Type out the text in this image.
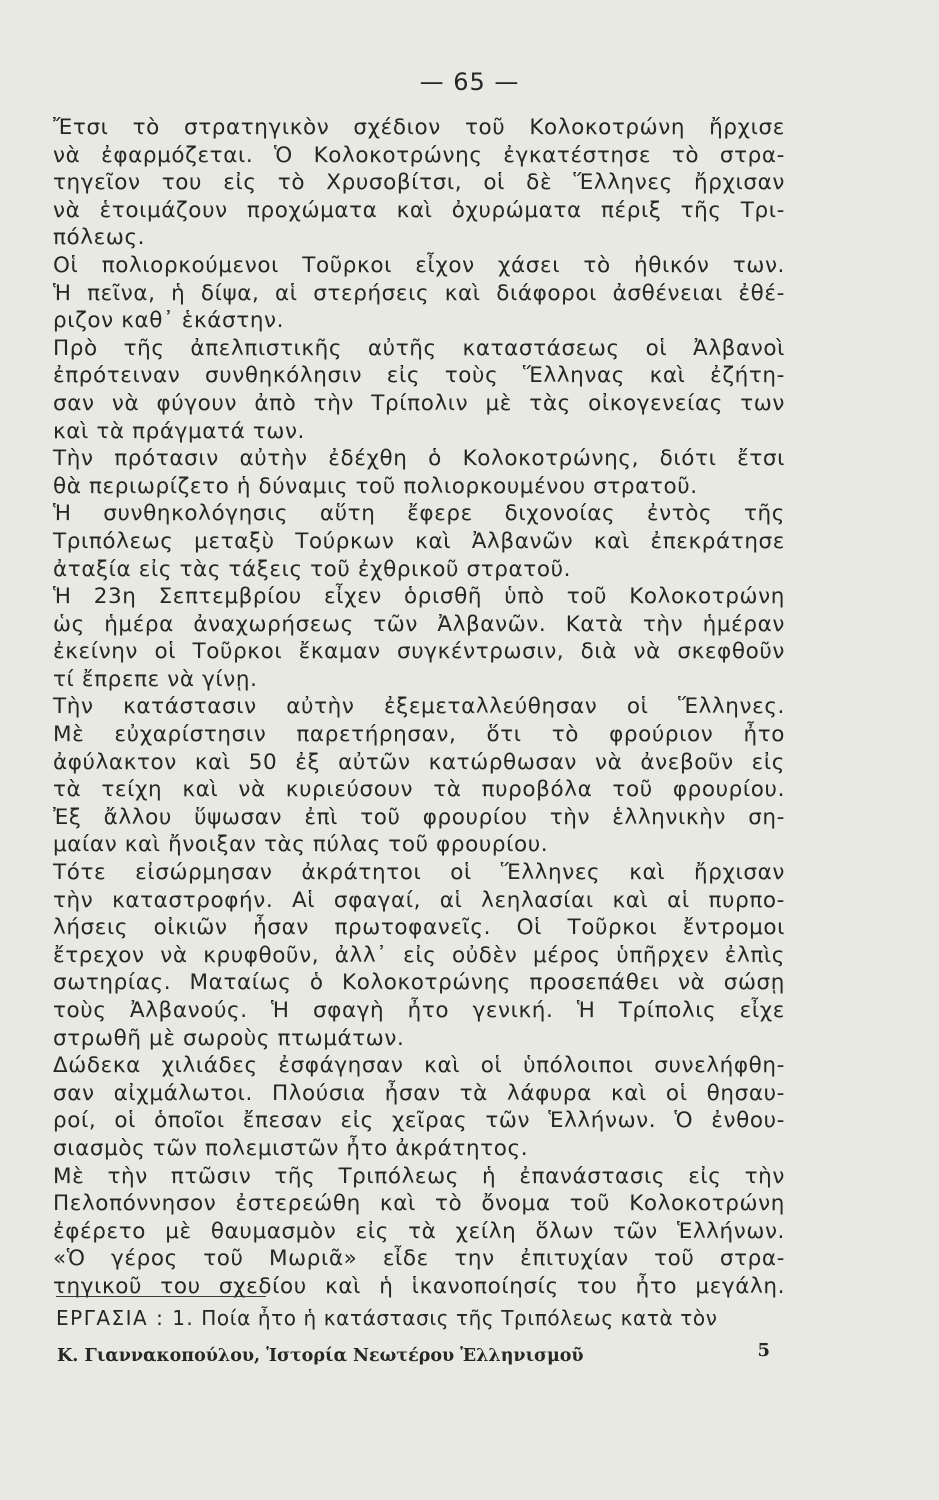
— 65 —
Ἔτσι τὸ στρατηγικὸν σχέδιον τοῦ Κολοκοτρώνη ἤρχισε
νὰ ἐφαρμόζεται. Ὁ Κολοκοτρώνης ἐγκατέστησε τὸ στρα-
τηγεῖον του εἰς τὸ Χρυσοβίτσι, οἱ δὲ Ἕλληνες ἤρχισαν
νὰ ἑτοιμάζουν προχώματα καὶ ὀχυρώματα πέριξ τῆς Τρι-
πόλεως.
Οἱ πολιορκούμενοι Τοῦρκοι εἶχον χάσει τὸ ἠθικόν των.
Ἡ πεῖνα, ἡ δίψα, αἱ στερήσεις καὶ διάφοροι ἀσθένειαι ἐθέ-
ριζον καθ᾽ ἑκάστην.
Πρὸ τῆς ἀπελπιστικῆς αὐτῆς καταστάσεως οἱ Ἀλβανοὶ
ἐπρότειναν συνθηκόλησιν εἰς τοὺς Ἕλληνας καὶ ἐζήτη-
σαν νὰ φύγουν ἀπὸ τὴν Τρίπολιν μὲ τὰς οἰκογενείας των
καὶ τὰ πράγματά των.
Τὴν πρότασιν αὐτὴν ἐδέχθη ὁ Κολοκοτρώνης, διότι ἔτσι
θὰ περιωρίζετο ἡ δύναμις τοῦ πολιορκουμένου στρατοῦ.
Ἡ συνθηκολόγησις αὕτη ἔφερε διχονοίας ἐντὸς τῆς
Τριπόλεως μεταξὺ Τούρκων καὶ Ἀλβανῶν καὶ ἐπεκράτησε
ἀταξία εἰς τὰς τάξεις τοῦ ἐχθρικοῦ στρατοῦ.
Ἡ 23η Σεπτεμβρίου εἶχεν ὁρισθῆ ὑπὸ τοῦ Κολοκοτρώνη
ὡς ἡμέρα ἀναχωρήσεως τῶν Ἀλβανῶν. Κατὰ τὴν ἡμέραν
ἐκείνην οἱ Τοῦρκοι ἔκαμαν συγκέντρωσιν, διὰ νὰ σκεφθοῦν
τί ἔπρεπε νὰ γίνῃ.
Τὴν κατάστασιν αὐτὴν ἐξεμεταλλεύθησαν οἱ Ἕλληνες.
Μὲ εὐχαρίστησιν παρετήρησαν, ὅτι τὸ φρούριον ἦτο
ἀφύλακτον καὶ 50 ἐξ αὐτῶν κατώρθωσαν νὰ ἀνεβοῦν εἰς
τὰ τείχη καὶ νὰ κυριεύσουν τὰ πυροβόλα τοῦ φρουρίου.
Ἐξ ἄλλου ὕψωσαν ἐπὶ τοῦ φρουρίου τὴν ἑλληνικὴν ση-
μαίαν καὶ ἤνοιξαν τὰς πύλας τοῦ φρουρίου.
Τότε εἰσώρμησαν ἀκράτητοι οἱ Ἕλληνες καὶ ἤρχισαν
τὴν καταστροφήν. Αἱ σφαγαί, αἱ λεηλασίαι καὶ αἱ πυρπο-
λήσεις οἰκιῶν ἦσαν πρωτοφανεῖς. Οἱ Τοῦρκοι ἔντρομοι
ἔτρεχον νὰ κρυφθοῦν, ἀλλ᾽ εἰς οὐδὲν μέρος ὑπῆρχεν ἐλπὶς
σωτηρίας. Ματαίως ὁ Κολοκοτρώνης προσεπάθει νὰ σώσῃ
τοὺς Ἀλβανούς. Ἡ σφαγὴ ἦτο γενική. Ἡ Τρίπολις εἶχε
στρωθῆ μὲ σωροὺς πτωμάτων.
Δώδεκα χιλιάδες ἐσφάγησαν καὶ οἱ ὑπόλοιποι συνελήφθη-
σαν αἰχμάλωτοι. Πλούσια ἦσαν τὰ λάφυρα καὶ οἱ θησαυ-
ροί, οἱ ὁποῖοι ἔπεσαν εἰς χεῖρας τῶν Ἑλλήνων. Ὁ ἐνθου-
σιασμὸς τῶν πολεμιστῶν ἦτο ἀκράτητος.
Μὲ τὴν πτῶσιν τῆς Τριπόλεως ἡ ἐπανάστασις εἰς τὴν
Πελοπόννησον ἐστερεώθη καὶ τὸ ὄνομα τοῦ Κολοκοτρώνη
ἐφέρετο μὲ θαυμασμὸν εἰς τὰ χείλη ὅλων τῶν Ἑλλήνων.
«Ὁ γέρος τοῦ Μωριᾶ» εἶδε την ἐπιτυχίαν τοῦ στρα-
τηγικοῦ του σχεδίου καὶ ἡ ἱκανοποίησίς του ἦτο μεγάλη.
ΕΡΓΑΣΙΑ : 1. Ποία ἦτο ἡ κατάστασις τῆς Τριπόλεως κατὰ τὸν
Κ. Γιαννακοπούλου, Ἱστορία Νεωτέρου Ἑλληνισμοῦ	5
